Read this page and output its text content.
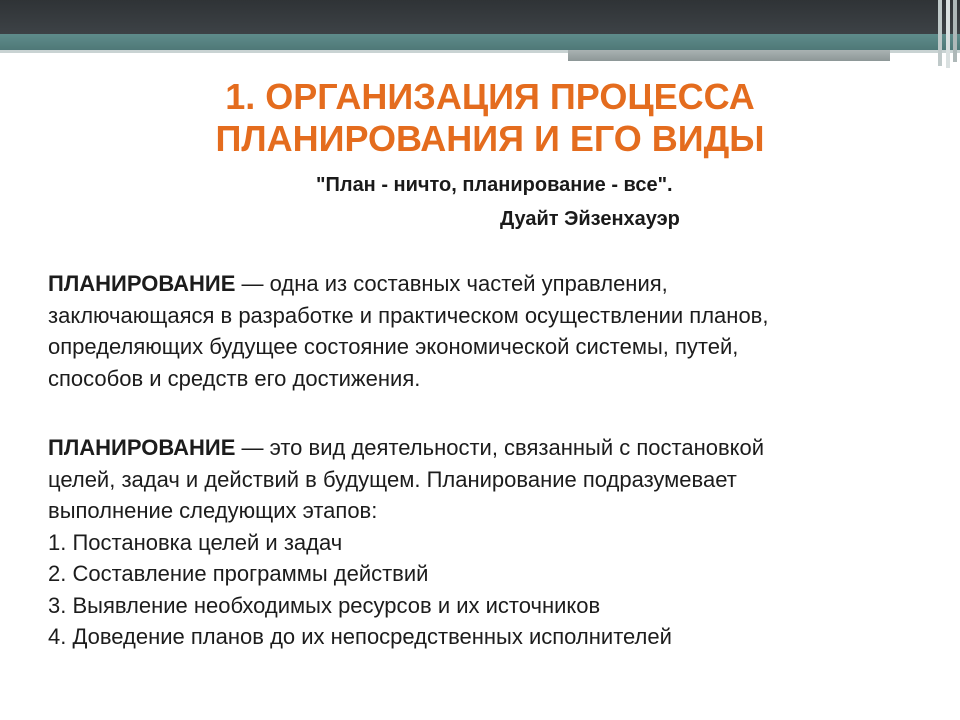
1. ОРГАНИЗАЦИЯ ПРОЦЕССА
ПЛАНИРОВАНИЯ И ЕГО ВИДЫ

"План - ничто, планирование - все".

Дуайт Эйзенхауэр

ПЛАНИРОВАНИЕ — одна из составных частей управления,
заключающаяся в разработке и практическом осуществлении планов,
определяющих будущее состояние экономической системы, путей,
способов и средств его достижения.

ПЛАНИРОВАНИЕ — это вид деятельности, связанный с постановкой
целей, задач и действий в будущем. Планирование подразумевает
выполнение следующих этапов:
1. Постановка целей и задач
2. Составление программы действий
3. Выявление необходимых ресурсов и их источников
4. Доведение планов до их непосредственных исполнителей
